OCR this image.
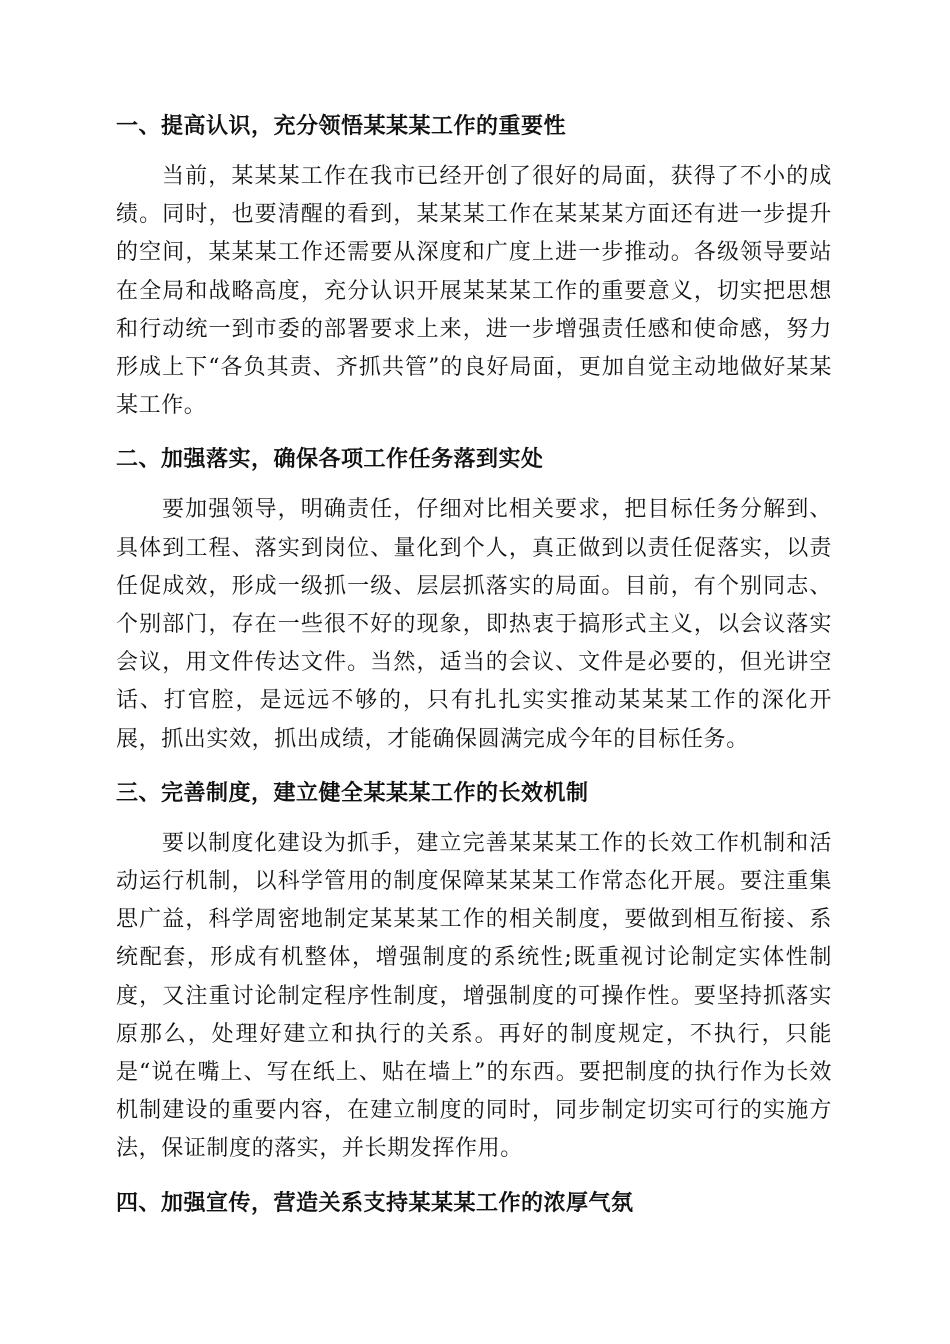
一、提高认识，充分领悟某某某工作的重要性

当前，某某某工作在我市已经开创了很好的局面，获得了不小的成绩。同时，也要清醒的看到，某某某工作在某某某方面还有进一步提升的空间，某某某工作还需要从深度和广度上进一步推动。各级领导要站在全局和战略高度，充分认识开展某某某工作的重要意义，切实把思想和行动统一到市委的部署要求上来，进一步增强责任感和使命感，努力形成上下“各负其责、齐抓共管”的良好局面，更加自觉主动地做好某某某工作。

二、加强落实，确保各项工作任务落到实处

要加强领导，明确责任，仔细对比相关要求，把目标任务分解到、具体到工程、落实到岗位、量化到个人，真正做到以责任促落实，以责任促成效，形成一级抓一级、层层抓落实的局面。目前，有个别同志、个别部门，存在一些很不好的现象，即热衷于搞形式主义，以会议落实会议，用文件传达文件。当然，适当的会议、文件是必要的，但光讲空话、打官腔，是远远不够的，只有扎扎实实推动某某某工作的深化开展，抓出实效，抓出成绩，才能确保圆满完成今年的目标任务。

三、完善制度，建立健全某某某工作的长效机制

要以制度化建设为抓手，建立完善某某某工作的长效工作机制和活动运行机制，以科学管用的制度保障某某某工作常态化开展。要注重集思广益，科学周密地制定某某某工作的相关制度，要做到相互衔接、系统配套，形成有机整体，增强制度的系统性;既重视讨论制定实体性制度，又注重讨论制定程序性制度，增强制度的可操作性。要坚持抓落实原那么，处理好建立和执行的关系。再好的制度规定，不执行，只能是“说在嘴上、写在纸上、贴在墙上”的东西。要把制度的执行作为长效机制建设的重要内容，在建立制度的同时，同步制定切实可行的实施方法，保证制度的落实，并长期发挥作用。

四、加强宣传，营造关系支持某某某工作的浓厚气氛
